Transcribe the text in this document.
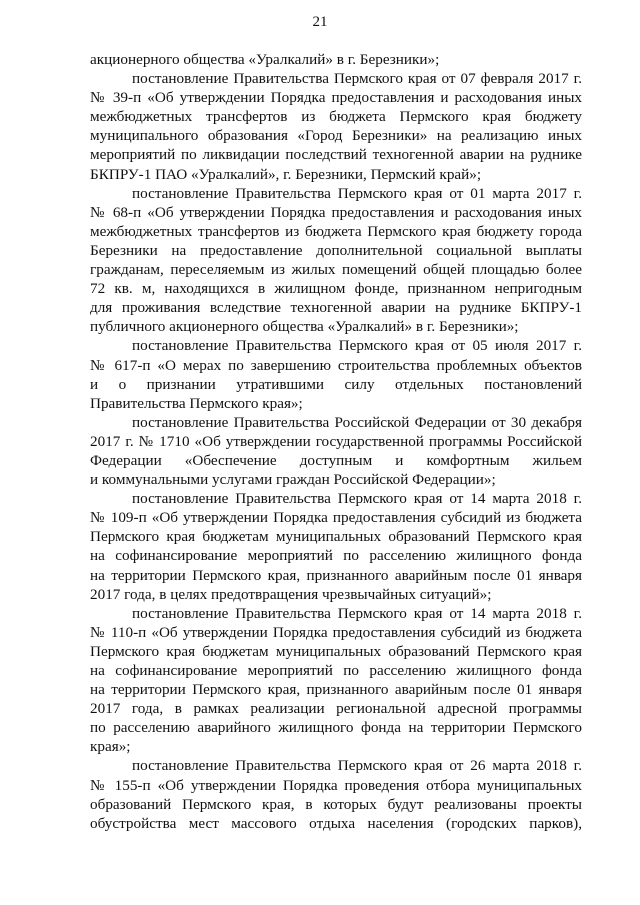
21
акционерного общества «Уралкалий» в г. Березники»;
постановление Правительства Пермского края от 07 февраля 2017 г.
№ 39-п «Об утверждении Порядка предоставления и расходования иных
межбюджетных трансфертов из бюджета Пермского края бюджету
муниципального образования «Город Березники» на реализацию иных
мероприятий по ликвидации последствий техногенной аварии на руднике
БКПРУ-1 ПАО «Уралкалий», г. Березники, Пермский край»;
постановление Правительства Пермского края от 01 марта 2017 г.
№ 68-п «Об утверждении Порядка предоставления и расходования иных
межбюджетных трансфертов из бюджета Пермского края бюджету города
Березники на предоставление дополнительной социальной выплаты
гражданам, переселяемым из жилых помещений общей площадью более
72 кв. м, находящихся в жилищном фонде, признанном непригодным
для проживания вследствие техногенной аварии на руднике БКПРУ-1
публичного акционерного общества «Уралкалий» в г. Березники»;
постановление Правительства Пермского края от 05 июля 2017 г.
№ 617-п «О мерах по завершению строительства проблемных объектов
и о признании утратившими силу отдельных постановлений
Правительства Пермского края»;
постановление Правительства Российской Федерации от 30 декабря
2017 г. № 1710 «Об утверждении государственной программы Российской
Федерации «Обеспечение доступным и комфортным жильем
и коммунальными услугами граждан Российской Федерации»;
постановление Правительства Пермского края от 14 марта 2018 г.
№ 109-п «Об утверждении Порядка предоставления субсидий из бюджета
Пермского края бюджетам муниципальных образований Пермского края
на софинансирование мероприятий по расселению жилищного фонда
на территории Пермского края, признанного аварийным после 01 января
2017 года, в целях предотвращения чрезвычайных ситуаций»;
постановление Правительства Пермского края от 14 марта 2018 г.
№ 110-п «Об утверждении Порядка предоставления субсидий из бюджета
Пермского края бюджетам муниципальных образований Пермского края
на софинансирование мероприятий по расселению жилищного фонда
на территории Пермского края, признанного аварийным после 01 января
2017 года, в рамках реализации региональной адресной программы
по расселению аварийного жилищного фонда на территории Пермского
края»;
постановление Правительства Пермского края от 26 марта 2018 г.
№ 155-п «Об утверждении Порядка проведения отбора муниципальных
образований Пермского края, в которых будут реализованы проекты
обустройства мест массового отдыха населения (городских парков),
